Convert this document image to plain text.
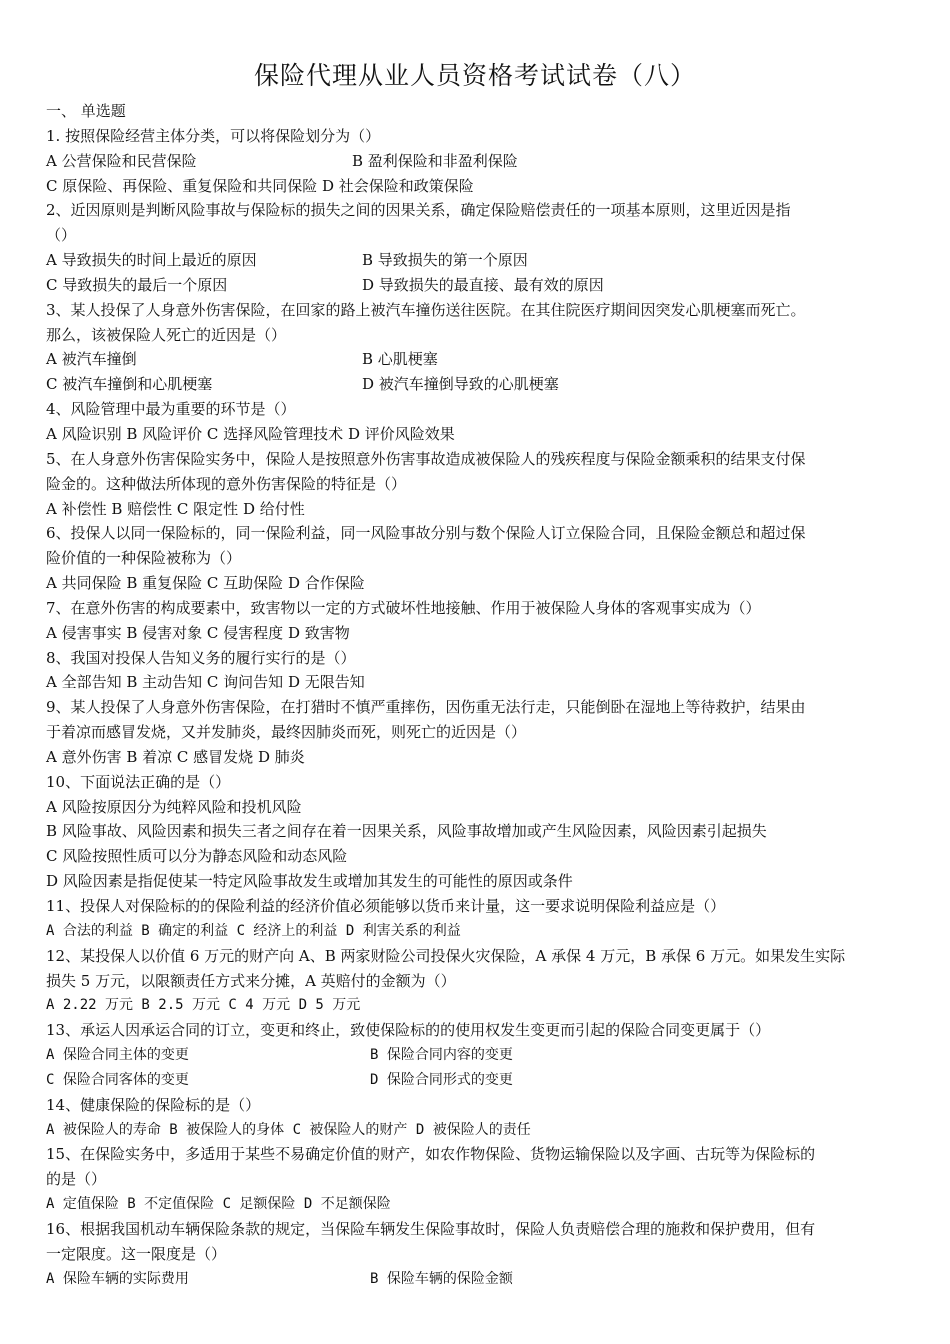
保险代理从业人员资格考试试卷（八）
一、 单选题
1. 按照保险经营主体分类，可以将保险划分为（）
A 公营保险和民营保险	B 盈利保险和非盈利保险
C 原保险、再保险、重复保险和共同保险 D 社会保险和政策保险
2、近因原则是判断风险事故与保险标的损失之间的因果关系，确定保险赔偿责任的一项基本原则，这里近因是指
（）
A 导致损失的时间上最近的原因	B 导致损失的第一个原因
C 导致损失的最后一个原因	D 导致损失的最直接、最有效的原因
3、某人投保了人身意外伤害保险，在回家的路上被汽车撞伤送往医院。在其住院医疗期间因突发心肌梗塞而死亡。
那么，该被保险人死亡的近因是（）
A 被汽车撞倒	B 心肌梗塞
C 被汽车撞倒和心肌梗塞	D 被汽车撞倒导致的心肌梗塞
4、风险管理中最为重要的环节是（）
A 风险识别 B 风险评价 C 选择风险管理技术 D 评价风险效果
5、在人身意外伤害保险实务中，保险人是按照意外伤害事故造成被保险人的残疾程度与保险金额乘积的结果支付保
险金的。这种做法所体现的意外伤害保险的特征是（）
A 补偿性 B 赔偿性 C 限定性 D 给付性
6、投保人以同一保险标的，同一保险利益，同一风险事故分别与数个保险人订立保险合同，且保险金额总和超过保
险价值的一种保险被称为（）
A 共同保险 B 重复保险 C 互助保险 D 合作保险
7、在意外伤害的构成要素中，致害物以一定的方式破坏性地接触、作用于被保险人身体的客观事实成为（）
A 侵害事实 B 侵害对象 C 侵害程度 D 致害物
8、我国对投保人告知义务的履行实行的是（）
A 全部告知 B 主动告知 C 询问告知 D 无限告知
9、某人投保了人身意外伤害保险，在打猎时不慎严重摔伤，因伤重无法行走，只能倒卧在湿地上等待救护，结果由
于着凉而感冒发烧，又并发肺炎，最终因肺炎而死，则死亡的近因是（）
A 意外伤害 B 着凉 C 感冒发烧 D 肺炎
10、下面说法正确的是（）
A 风险按原因分为纯粹风险和投机风险
B 风险事故、风险因素和损失三者之间存在着一因果关系，风险事故增加或产生风险因素，风险因素引起损失
C 风险按照性质可以分为静态风险和动态风险
D 风险因素是指促使某一特定风险事故发生或增加其发生的可能性的原因或条件
11、投保人对保险标的的保险利益的经济价值必须能够以货币来计量，这一要求说明保险利益应是（）
A 合法的利益 B 确定的利益 C 经济上的利益 D 利害关系的利益
12、某投保人以价值 6 万元的财产向 A、B 两家财险公司投保火灾保险，A 承保 4 万元，B 承保 6 万元。如果发生实际
损失 5 万元，以限额责任方式来分摊，A 英赔付的金额为（）
A 2.22 万元 B 2.5 万元 C 4 万元 D 5 万元
13、承运人因承运合同的订立，变更和终止，致使保险标的的使用权发生变更而引起的保险合同变更属于（）
A 保险合同主体的变更	B 保险合同内容的变更
C 保险合同客体的变更	D 保险合同形式的变更
14、健康保险的保险标的是（）
A 被保险人的寿命 B 被保险人的身体 C 被保险人的财产 D 被保险人的责任
15、在保险实务中，多适用于某些不易确定价值的财产，如农作物保险、货物运输保险以及字画、古玩等为保险标的
的是（）
A 定值保险 B 不定值保险 C 足额保险 D 不足额保险
16、根据我国机动车辆保险条款的规定，当保险车辆发生保险事故时，保险人负责赔偿合理的施救和保护费用，但有
一定限度。这一限度是（）
A 保险车辆的实际费用	B 保险车辆的保险金额
